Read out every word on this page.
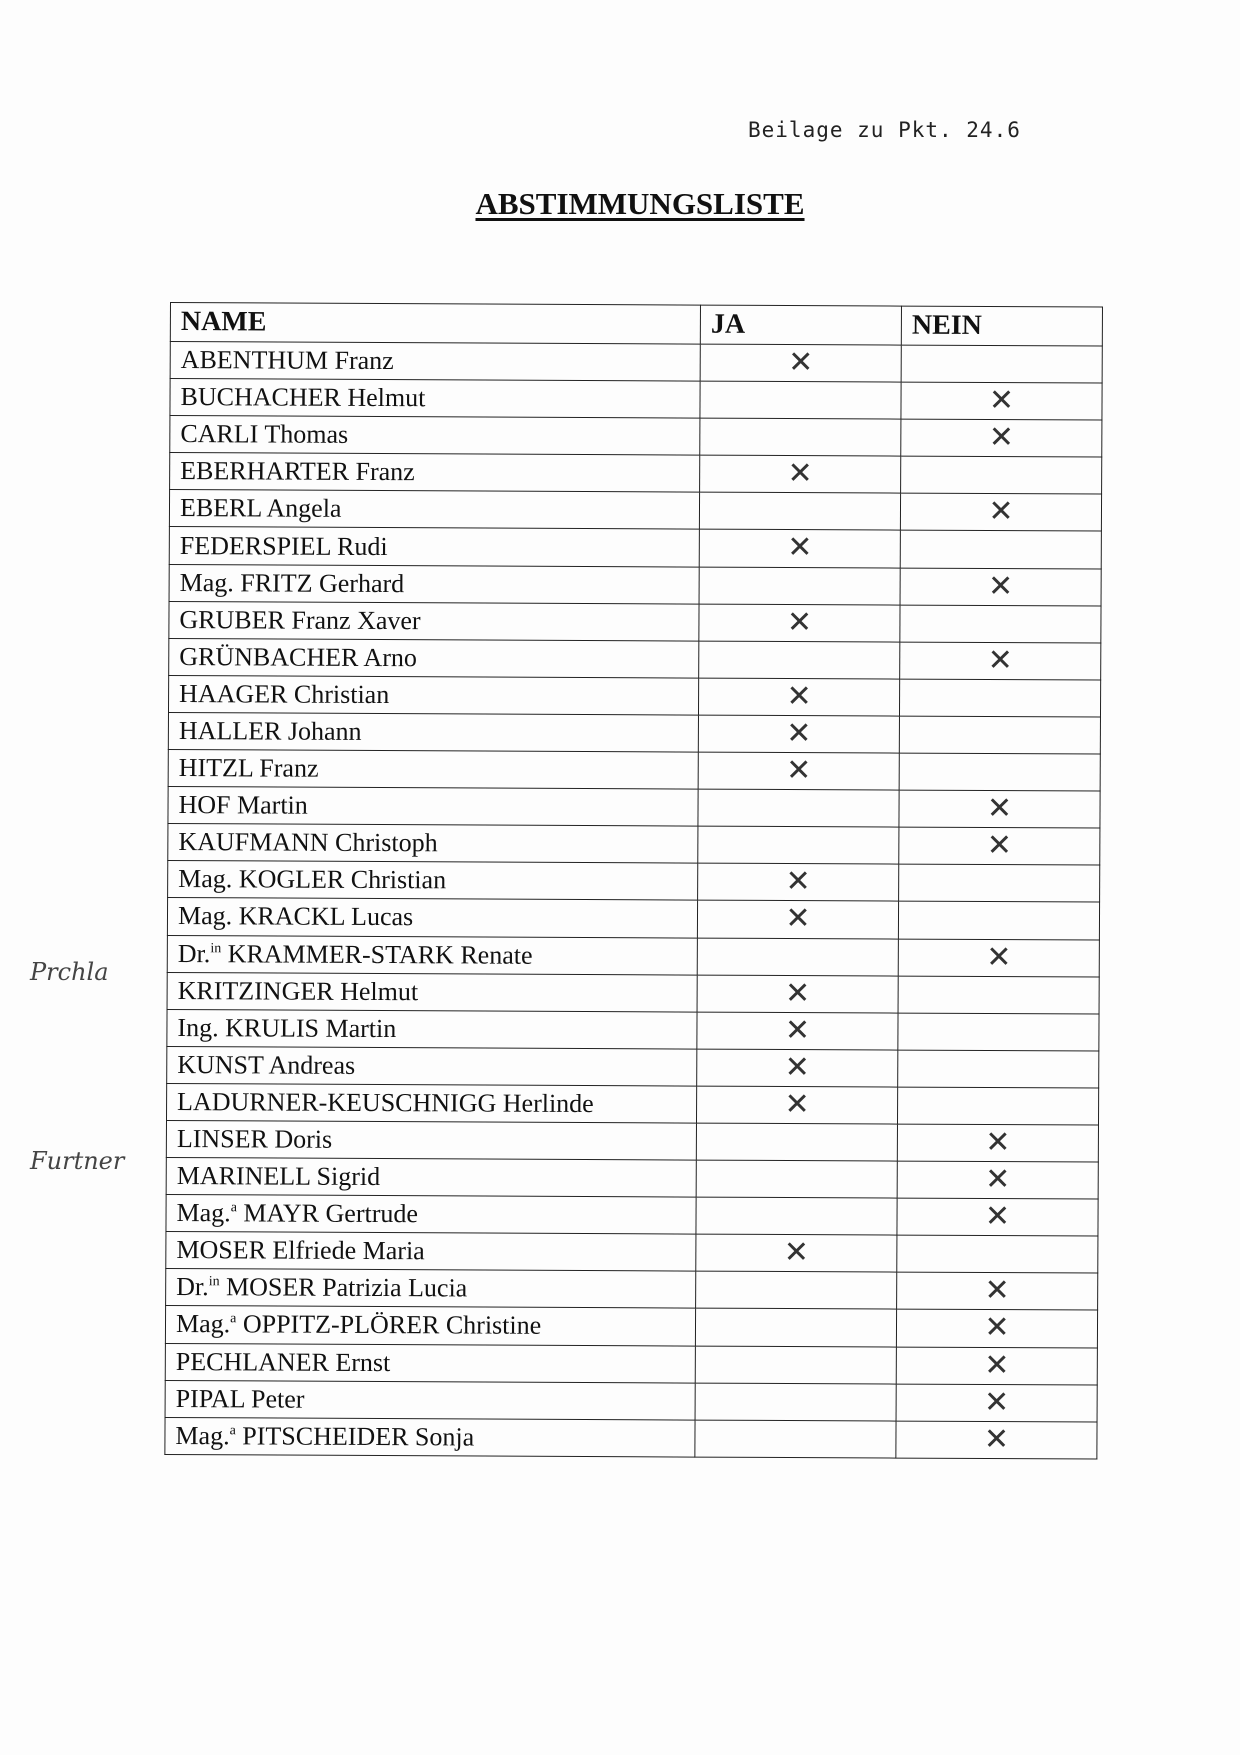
Beilage zu Pkt. 24.6
ABSTIMMUNGSLISTE
NAME	JA	NEIN
ABENTHUM Franz	✕	

BUCHACHER Helmut		✕

CARLI Thomas		✕

EBERHARTER Franz	✕	

EBERL Angela		✕

FEDERSPIEL Rudi	✕	

Mag. FRITZ Gerhard		✕

GRUBER Franz Xaver	✕	

GRÜNBACHER Arno		✕

HAAGER Christian	✕	

HALLER Johann	✕	

HITZL Franz	✕	

HOF Martin		✕

KAUFMANN Christoph		✕

Mag. KOGLER Christian	✕	

Mag. KRACKL Lucas	✕	

Dr.$^{in}$ KRAMMER-STARK Renate		✕

KRITZINGER Helmut	✕	

Ing. KRULIS Martin	✕	

KUNST Andreas	✕	

LADURNER-KEUSCHNIGG Herlinde	✕	

LINSER Doris		✕

MARINELL Sigrid		✕

Mag.$^a$ MAYR Gertrude		✕

MOSER Elfriede Maria	✕	

Dr.$^{in}$ MOSER Patrizia Lucia		✕

Mag.$^a$ OPPITZ-PLÖRER Christine		✕

PECHLANER Ernst		✕

PIPAL Peter		✕

Mag.$^a$ PITSCHEIDER Sonja		✕
Prchla
Furtner
